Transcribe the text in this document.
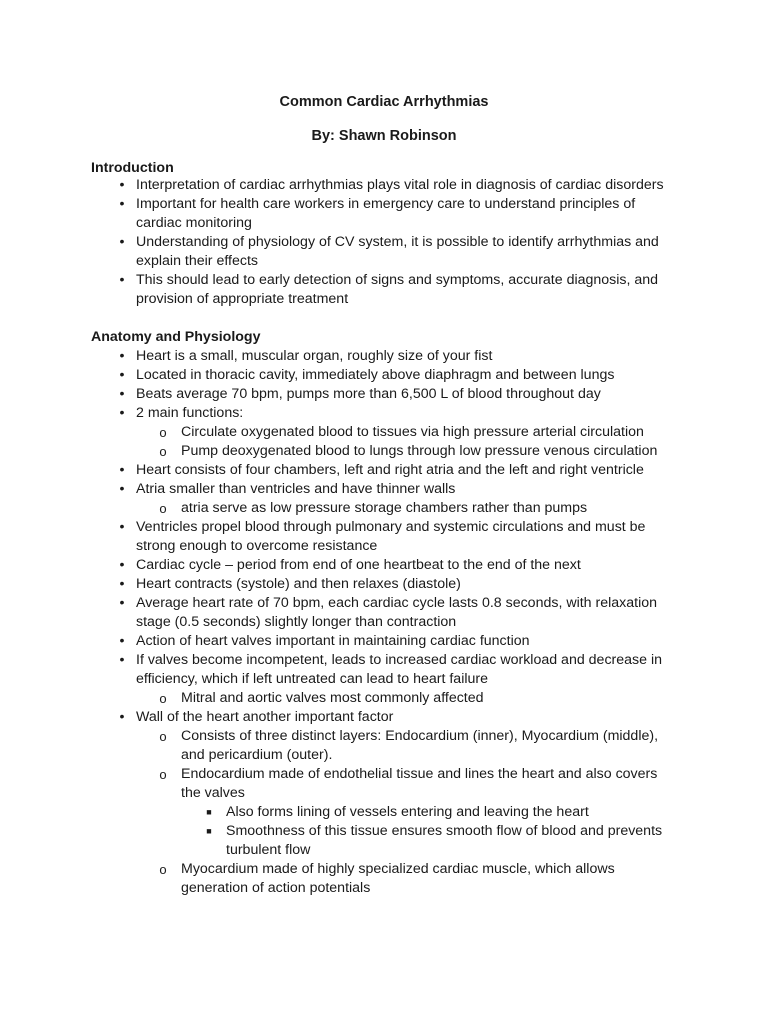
Common Cardiac Arrhythmias
By: Shawn Robinson
Introduction
• Interpretation of cardiac arrhythmias plays vital role in diagnosis of cardiac disorders
• Important for health care workers in emergency care to understand principles of cardiac monitoring
• Understanding of physiology of CV system, it is possible to identify arrhythmias and explain their effects
• This should lead to early detection of signs and symptoms, accurate diagnosis, and provision of appropriate treatment
Anatomy and Physiology
• Heart is a small, muscular organ, roughly size of your fist
• Located in thoracic cavity, immediately above diaphragm and between lungs
• Beats average 70 bpm, pumps more than 6,500 L of blood throughout day
• 2 main functions:
o Circulate oxygenated blood to tissues via high pressure arterial circulation
o Pump deoxygenated blood to lungs through low pressure venous circulation
• Heart consists of four chambers, left and right atria and the left and right ventricle
• Atria smaller than ventricles and have thinner walls
o atria serve as low pressure storage chambers rather than pumps
• Ventricles propel blood through pulmonary and systemic circulations and must be strong enough to overcome resistance
• Cardiac cycle – period from end of one heartbeat to the end of the next
• Heart contracts (systole) and then relaxes (diastole)
• Average heart rate of 70 bpm, each cardiac cycle lasts 0.8 seconds, with relaxation stage (0.5 seconds) slightly longer than contraction
• Action of heart valves important in maintaining cardiac function
• If valves become incompetent, leads to increased cardiac workload and decrease in efficiency, which if left untreated can lead to heart failure
o Mitral and aortic valves most commonly affected
• Wall of the heart another important factor
o Consists of three distinct layers: Endocardium (inner), Myocardium (middle), and pericardium (outer).
o Endocardium made of endothelial tissue and lines the heart and also covers the valves
■ Also forms lining of vessels entering and leaving the heart
■ Smoothness of this tissue ensures smooth flow of blood and prevents turbulent flow
o Myocardium made of highly specialized cardiac muscle, which allows generation of action potentials
